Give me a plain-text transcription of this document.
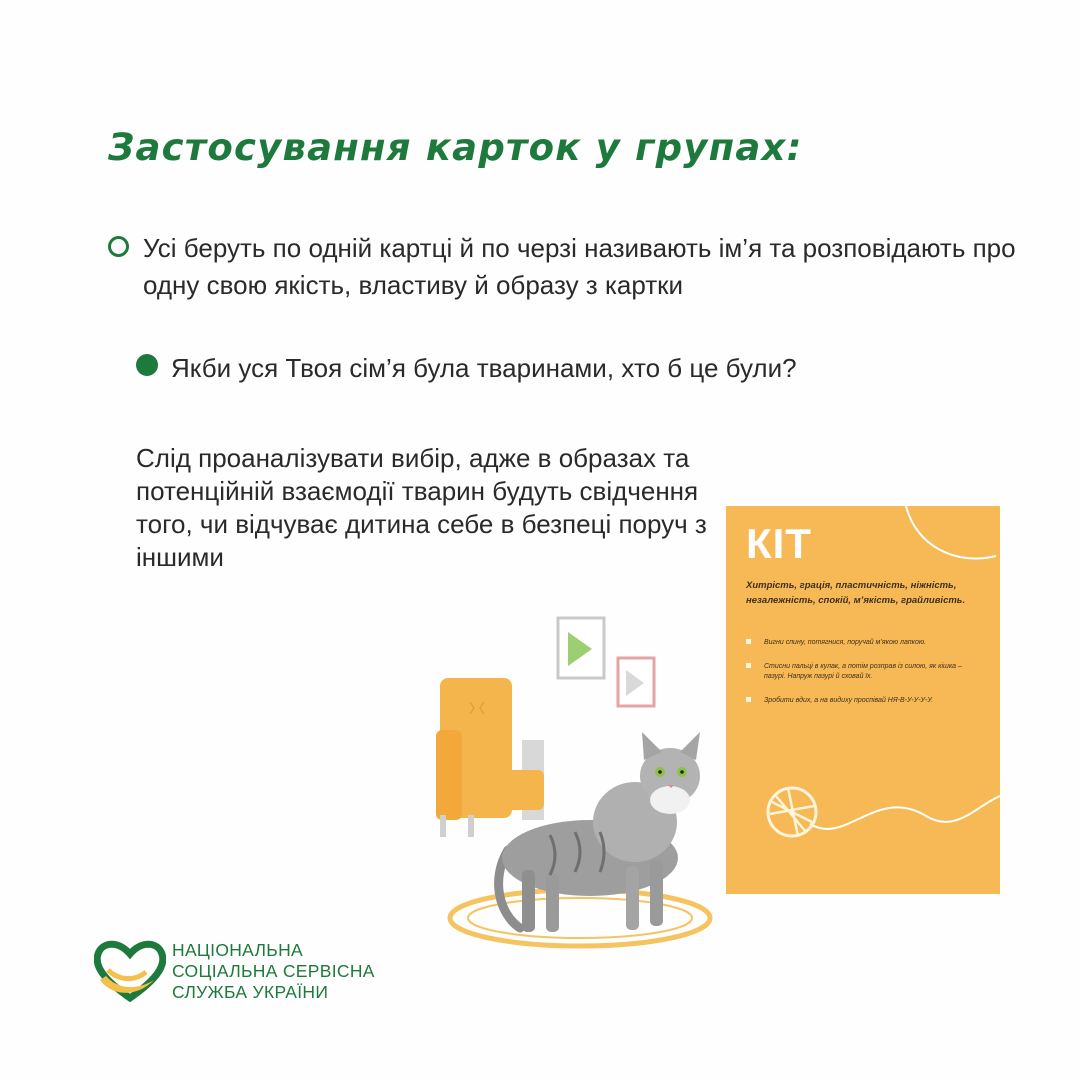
Застосування карток у групах:

Усі беруть по одній картці й по черзі називають ім’я та розповідають про одну свою якість, властиву й образу з картки

Якби уся Твоя сім’я була тваринами, хто б це були?

Слід проаналізувати вибір, адже в образах та потенційній взаємодії тварин будуть свідчення того, чи відчуває дитина себе в безпеці поруч з іншими	КІТ

Хитрість, грація, пластичність, ніжність, незалежність, спокій, м’якість, грайливість.

Вигни спину, потягнися, поручай м’якою лапкою.
Стисни пальці в кулак, а потім розправ із силою, як кішка – пазурі. Напруж пазурі й сховай їх.
Зробити вдих, а на видиху проспівай НЯ-В-У-У-У-У.

НАЦІОНАЛЬНА
СОЦІАЛЬНА СЕРВІСНА
СЛУЖБА УКРАЇНИ
